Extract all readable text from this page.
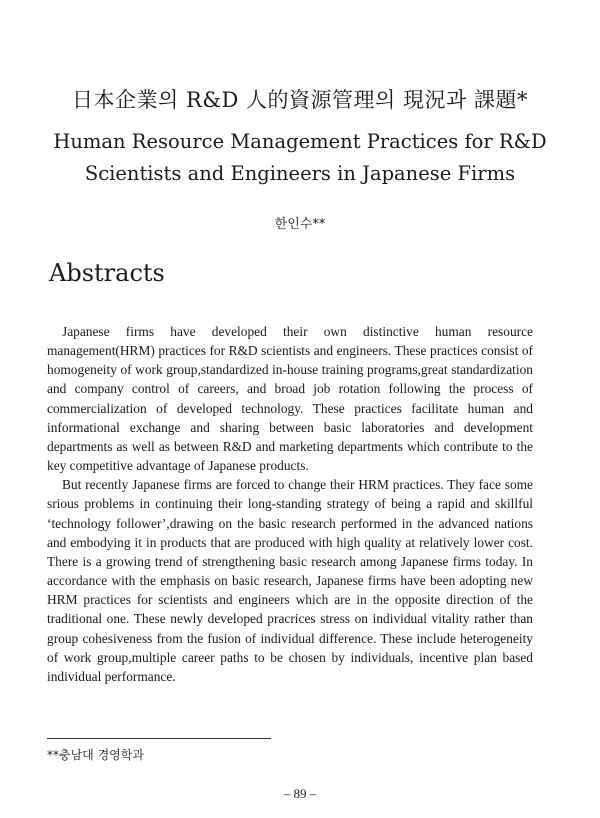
日本企業의 R&D 人的資源管理의 現況과 課題*
Human Resource Management Practices for R&D
Scientists and Engineers in Japanese Firms
한인수**
Abstracts

Japanese firms have developed their own distinctive human resource management(HRM) practices for R&D scientists and engineers. These practices consist of homogeneity of work group,standardized in-house training programs,great standardization and company control of careers, and broad job rotation following the process of commercialization of developed technology. These practices facilitate human and informational exchange and sharing between basic laboratories and development departments as well as between R&D and marketing departments which contribute to the key competitive advantage of Japanese products.

But recently Japanese firms are forced to change their HRM practices. They face some srious problems in continuing their long-standing strategy of being a rapid and skillful ‘technology follower’,drawing on the basic research performed in the advanced nations and embodying it in products that are produced with high quality at relatively lower cost. There is a growing trend of strengthening basic research among Japanese firms today. In accordance with the emphasis on basic research, Japanese firms have been adopting new HRM practices for scientists and engineers which are in the opposite direction of the traditional one. These newly developed pracrices stress on individual vitality rather than group cohesiveness from the fusion of individual difference. These include heterogeneity of work group,multiple career paths to be chosen by individuals, incentive plan based individual performance.

**충남대 경영학과
– 89 –
